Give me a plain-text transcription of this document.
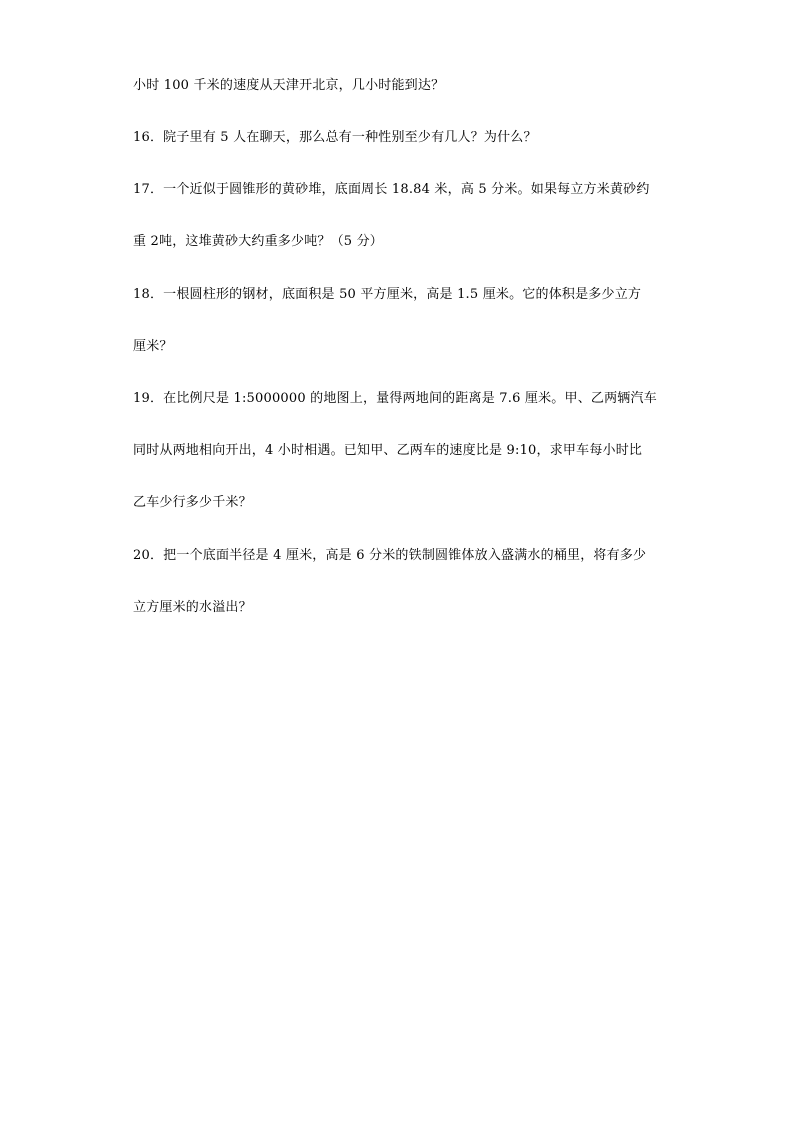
小时 100 千米的速度从天津开北京，几小时能到达？
16．院子里有 5 人在聊天，那么总有一种性别至少有几人？为什么？
17．一个近似于圆锥形的黄砂堆，底面周长 18.84 米，高 5 分米。如果每立方米黄砂约
重 2吨，这堆黄砂大约重多少吨？（5 分）
18．一根圆柱形的钢材，底面积是 50 平方厘米，高是 1.5 厘米。它的体积是多少立方
厘米？
19．在比例尺是 1:5000000 的地图上，量得两地间的距离是 7.6 厘米。甲、乙两辆汽车
同时从两地相向开出，4 小时相遇。已知甲、乙两车的速度比是 9:10，求甲车每小时比
乙车少行多少千米？
20．把一个底面半径是 4 厘米，高是 6 分米的铁制圆锥体放入盛满水的桶里，将有多少
立方厘米的水溢出？
